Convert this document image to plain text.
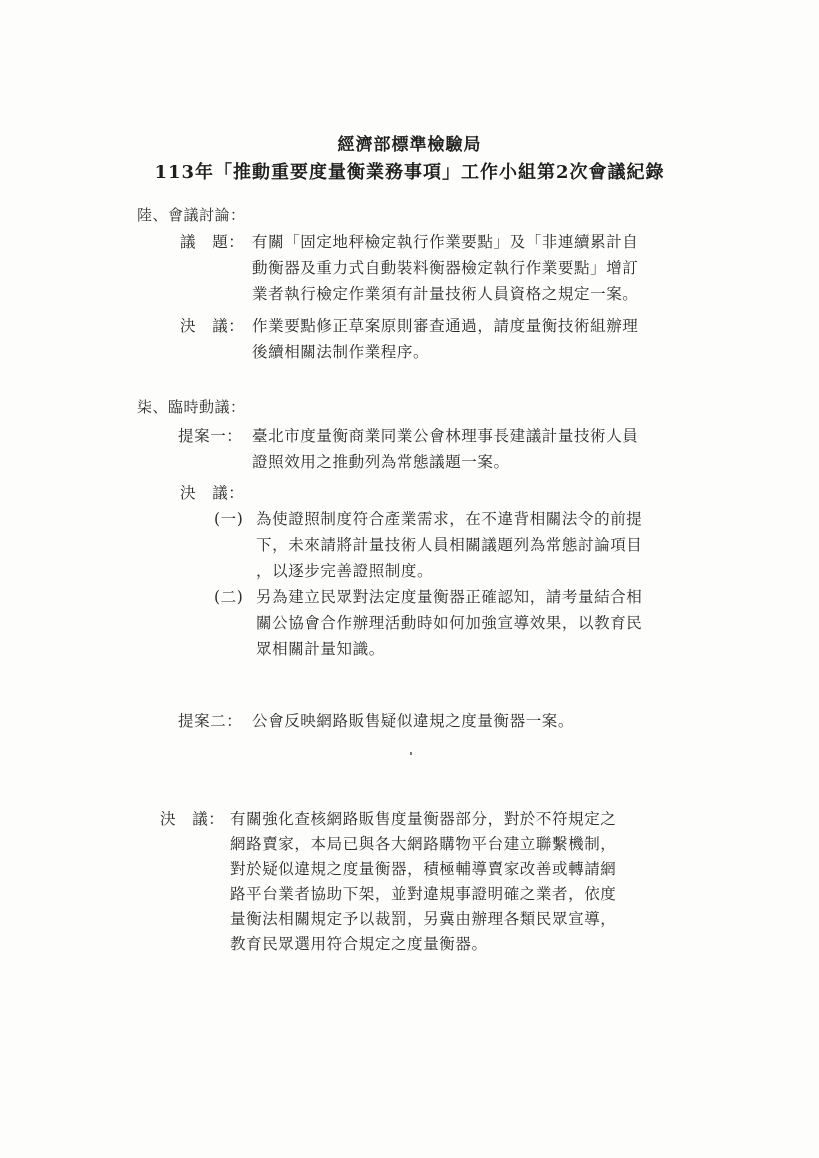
經濟部標準檢驗局
113年「推動重要度量衡業務事項」工作小組第2次會議紀錄
陸、會議討論：
議　題： 有關「固定地秤檢定執行作業要點」及「非連續累計自
動衡器及重力式自動裝料衡器檢定執行作業要點」增訂
業者執行檢定作業須有計量技術人員資格之規定一案。
決　議： 作業要點修正草案原則審查通過，請度量衡技術組辦理
後續相關法制作業程序。
柒、臨時動議：
提案一： 臺北市度量衡商業同業公會林理事長建議計量技術人員
證照效用之推動列為常態議題一案。
決　議：
(一) 為使證照制度符合產業需求，在不違背相關法令的前提
下，未來請將計量技術人員相關議題列為常態討論項目
，以逐步完善證照制度。
(二) 另為建立民眾對法定度量衡器正確認知，請考量結合相
關公協會合作辦理活動時如何加強宣導效果，以教育民
眾相關計量知識。
提案二： 公會反映網路販售疑似違規之度量衡器一案。
決　議： 有關強化查核網路販售度量衡器部分，對於不符規定之
網路賣家，本局已與各大網路購物平台建立聯繫機制，
對於疑似違規之度量衡器，積極輔導賣家改善或轉請網
路平台業者協助下架，並對違規事證明確之業者，依度
量衡法相關規定予以裁罰，另冀由辦理各類民眾宣導，
教育民眾選用符合規定之度量衡器。
